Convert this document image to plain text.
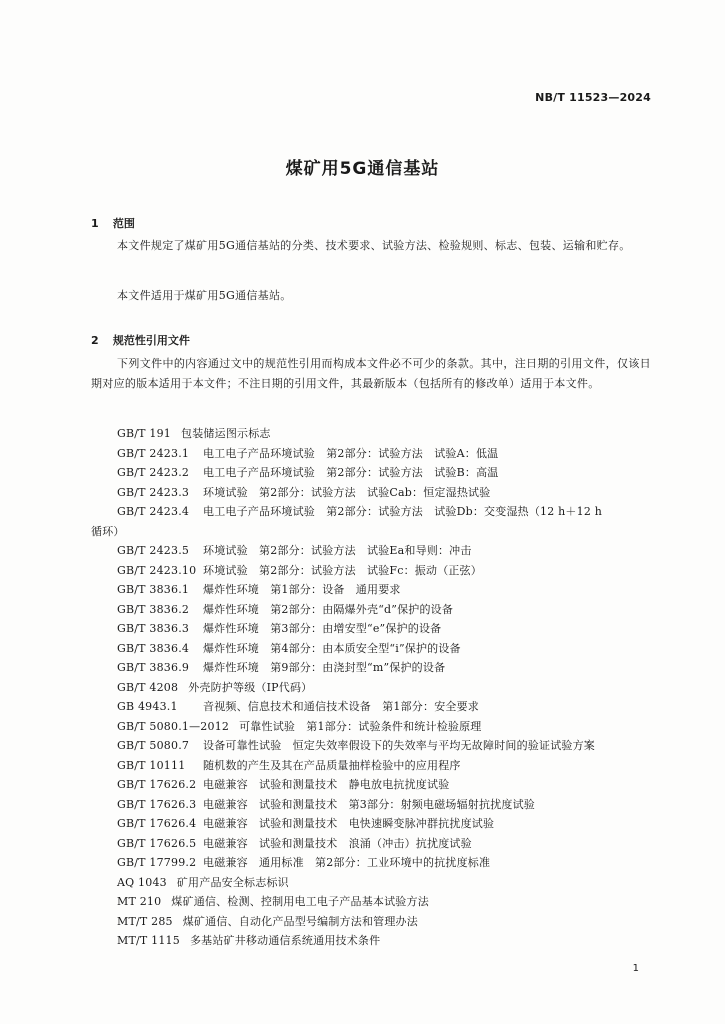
NB/T 11523—2024
煤矿用5G通信基站
1 范围

本文件规定了煤矿用5G通信基站的分类、技术要求、试验方法、检验规则、标志、包装、运输和贮存。

本文件适用于煤矿用5G通信基站。

2 规范性引用文件

下列文件中的内容通过文中的规范性引用而构成本文件必不可少的条款。其中，注日期的引用文件，仅该日期对应的版本适用于本文件；不注日期的引用文件，其最新版本（包括所有的修改单）适用于本文件。

GB/T 191 包装储运图示标志
GB/T 2423.1 电工电子产品环境试验　第2部分：试验方法　试验A：低温
GB/T 2423.2 电工电子产品环境试验　第2部分：试验方法　试验B：高温
GB/T 2423.3 环境试验　第2部分：试验方法　试验Cab：恒定湿热试验
GB/T 2423.4 电工电子产品环境试验　第2部分：试验方法　试验Db：交变湿热（12 h＋12 h
循环）
GB/T 2423.5 环境试验　第2部分：试验方法　试验Ea和导则：冲击
GB/T 2423.10 环境试验　第2部分：试验方法　试验Fc：振动（正弦）
GB/T 3836.1 爆炸性环境　第1部分：设备　通用要求
GB/T 3836.2 爆炸性环境　第2部分：由隔爆外壳“d”保护的设备
GB/T 3836.3 爆炸性环境　第3部分：由增安型“e”保护的设备
GB/T 3836.4 爆炸性环境　第4部分：由本质安全型“i”保护的设备
GB/T 3836.9 爆炸性环境　第9部分：由浇封型“m”保护的设备
GB/T 4208 外壳防护等级（IP代码）
GB 4943.1 音视频、信息技术和通信技术设备　第1部分：安全要求
GB/T 5080.1—2012 可靠性试验　第1部分：试验条件和统计检验原理
GB/T 5080.7 设备可靠性试验　恒定失效率假设下的失效率与平均无故障时间的验证试验方案
GB/T 10111 随机数的产生及其在产品质量抽样检验中的应用程序
GB/T 17626.2 电磁兼容　试验和测量技术　静电放电抗扰度试验
GB/T 17626.3 电磁兼容　试验和测量技术　第3部分：射频电磁场辐射抗扰度试验
GB/T 17626.4 电磁兼容　试验和测量技术　电快速瞬变脉冲群抗扰度试验
GB/T 17626.5 电磁兼容　试验和测量技术　浪涌（冲击）抗扰度试验
GB/T 17799.2 电磁兼容　通用标准　第2部分：工业环境中的抗扰度标准
AQ 1043 矿用产品安全标志标识
MT 210 煤矿通信、检测、控制用电工电子产品基本试验方法
MT/T 285 煤矿通信、自动化产品型号编制方法和管理办法
MT/T 1115 多基站矿井移动通信系统通用技术条件
1
